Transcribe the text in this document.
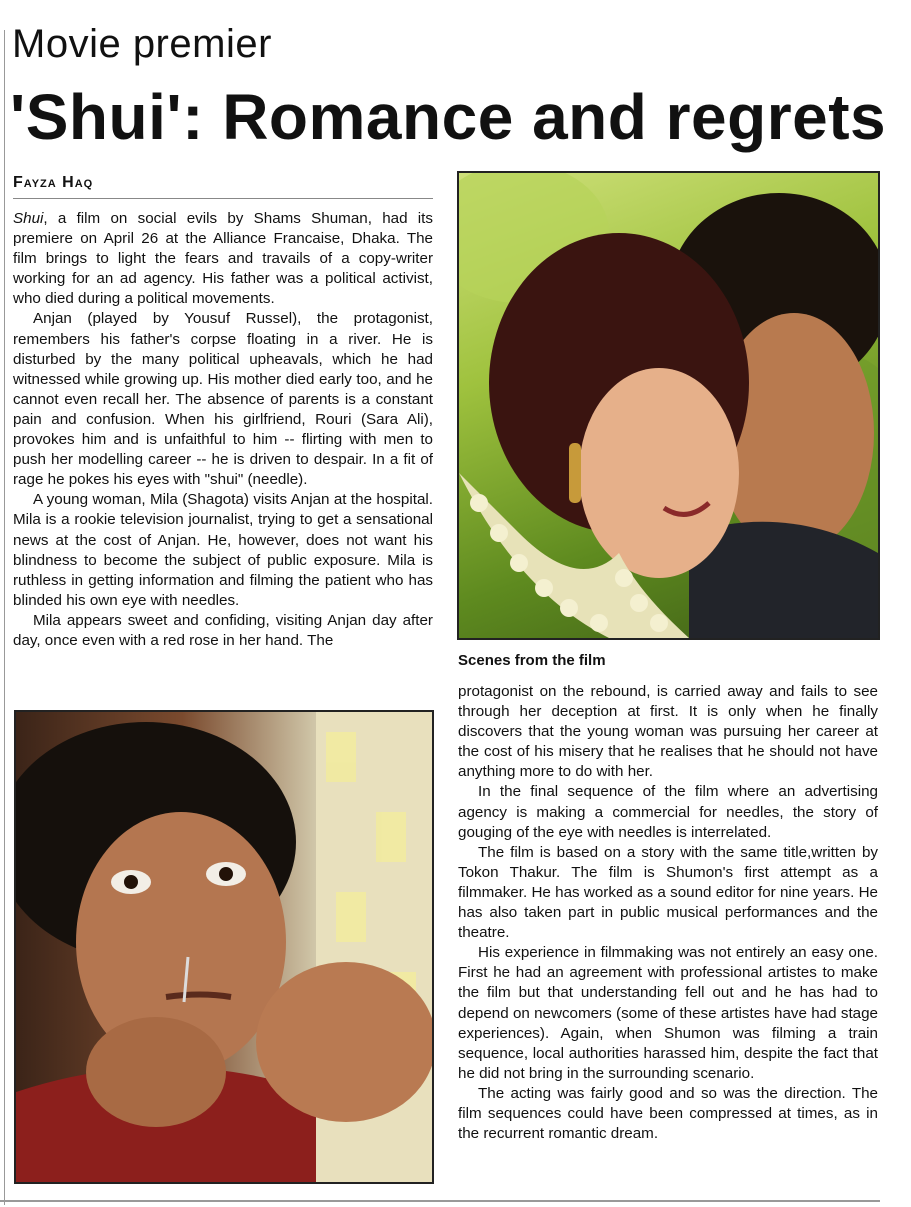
Movie premier
'Shui': Romance and regrets
Fayza Haq

Shui, a film on social evils by Shams Shuman, had its premiere on April 26 at the Alliance Francaise, Dhaka. The film brings to light the fears and travails of a copy-writer working for an ad agency. His father was a political activist, who died during a political movements.

Anjan (played by Yousuf Russel), the protagonist, remembers his father's corpse floating in a river. He is disturbed by the many political upheavals, which he had witnessed while growing up. His mother died early too, and he cannot even recall her. The absence of parents is a constant pain and confusion. When his girlfriend, Rouri (Sara Ali), provokes him and is unfaithful to him -- flirting with men to push her modelling career -- he is driven to despair. In a fit of rage he pokes his eyes with "shui" (needle).

A young woman, Mila (Shagota) visits Anjan at the hospital. Mila is a rookie television journalist, trying to get a sensational news at the cost of Anjan. He, however, does not want his blindness to become the subject of public exposure. Mila is ruthless in getting information and filming the patient who has blinded his own eye with needles.

Mila appears sweet and confiding, visiting Anjan day after day, once even with a red rose in her hand. The

Scenes from the film

protagonist on the rebound, is carried away and fails to see through her deception at first. It is only when he finally discovers that the young woman was pursuing her career at the cost of his misery that he realises that he should not have anything more to do with her.

In the final sequence of the film where an advertising agency is making a commercial for needles, the story of gouging of the eye with needles is interrelated.

The film is based on a story with the same title,written by Tokon Thakur. The film is Shumon's first attempt as a filmmaker. He has worked as a sound editor for nine years. He has also taken part in public musical performances and the theatre.

His experience in filmmaking was not entirely an easy one. First he had an agreement with professional artistes to make the film but that understanding fell out and he has had to depend on newcomers (some of these artistes have had stage experiences). Again, when Shumon was filming a train sequence, local authorities harassed him, despite the fact that he did not bring in the surrounding scenario.

The acting was fairly good and so was the direction. The film sequences could have been compressed at times, as in the recurrent romantic dream.
